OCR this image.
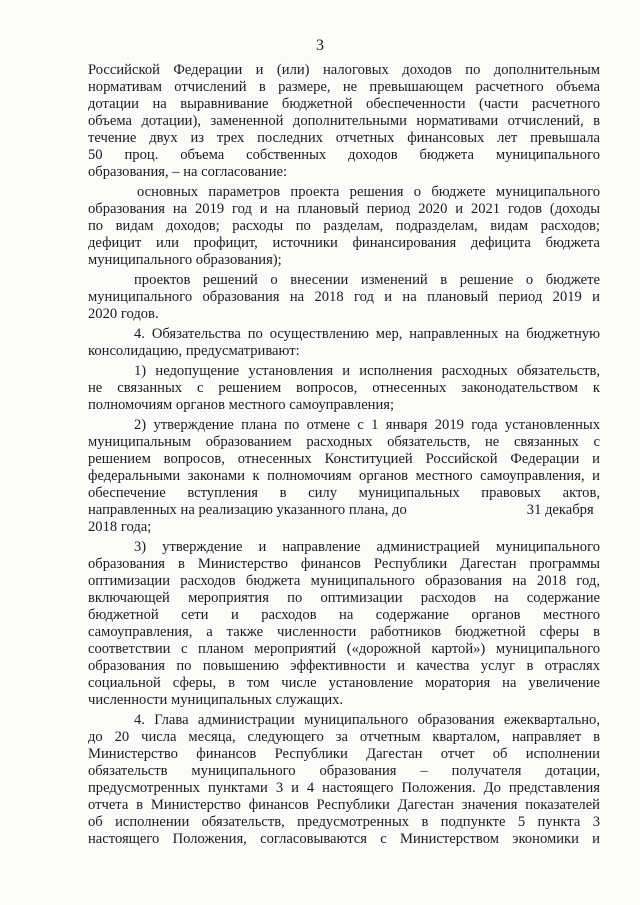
3
Российской Федерации и (или) налоговых доходов по дополнительным
нормативам отчислений в размере, не превышающем расчетного объема
дотации на выравнивание бюджетной обеспеченности (части расчетного
объема дотации), замененной дополнительными нормативами отчислений, в
течение двух из трех последних отчетных финансовых лет превышала
50 проц. объема собственных доходов бюджета муниципального
образования, – на согласование:
основных параметров проекта решения о бюджете муниципального
образования на 2019 год и на плановый период 2020 и 2021 годов (доходы
по видам доходов; расходы по разделам, подразделам, видам расходов;
дефицит или профицит, источники финансирования дефицита бюджета
муниципального образования);
проектов решений о внесении изменений в решение о бюджете
муниципального образования на 2018 год и на плановый период 2019 и
2020 годов.
4. Обязательства по осуществлению мер, направленных на бюджетную
консолидацию, предусматривают:
1) недопущение установления и исполнения расходных обязательств,
не связанных с решением вопросов, отнесенных законодательством к
полномочиям органов местного самоуправления;
2) утверждение плана по отмене с 1 января 2019 года установленных
муниципальным образованием расходных обязательств, не связанных с
решением вопросов, отнесенных Конституцией Российской Федерации и
федеральными законами к полномочиям органов местного самоуправления, и
обеспечение вступления в силу муниципальных правовых актов,
направленных на реализацию указанного плана, до	31 декабря
2018 года;
3) утверждение и направление администрацией муниципального
образования в Министерство финансов Республики Дагестан программы
оптимизации расходов бюджета муниципального образования на 2018 год,
включающей мероприятия по оптимизации расходов на содержание
бюджетной сети и расходов на содержание органов местного
самоуправления, а также численности работников бюджетной сферы в
соответствии с планом мероприятий («дорожной картой») муниципального
образования по повышению эффективности и качества услуг в отраслях
социальной сферы, в том числе установление моратория на увеличение
численности муниципальных служащих.
4. Глава администрации муниципального образования ежеквартально,
до 20 числа месяца, следующего за отчетным кварталом, направляет в
Министерство финансов Республики Дагестан отчет об исполнении
обязательств муниципального образования – получателя дотации,
предусмотренных пунктами 3 и 4 настоящего Положения. До представления
отчета в Министерство финансов Республики Дагестан значения показателей
об исполнении обязательств, предусмотренных в подпункте 5 пункта 3
настоящего Положения, согласовываются с Министерством экономики и
